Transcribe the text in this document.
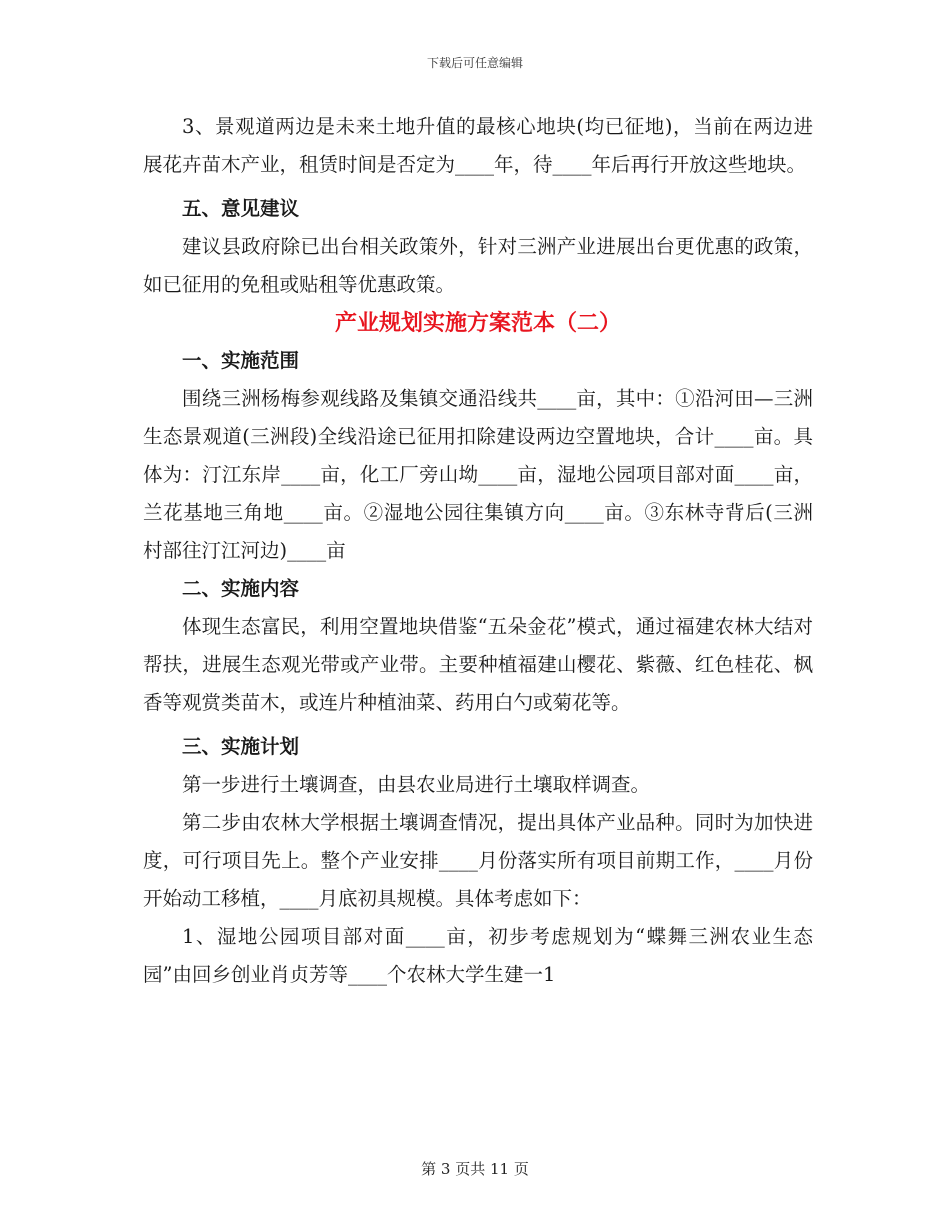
下载后可任意编辑

3、景观道两边是未来土地升值的最核心地块(均已征地)，当前在两边进展花卉苗木产业，租赁时间是否定为____年，待____年后再行开放这些地块。

五、意见建议

建议县政府除已出台相关政策外，针对三洲产业进展出台更优惠的政策，如已征用的免租或贴租等优惠政策。

产业规划实施方案范本（二）
一、实施范围

围绕三洲杨梅参观线路及集镇交通沿线共____亩，其中：①沿河田—三洲生态景观道(三洲段)全线沿途已征用扣除建设两边空置地块，合计____亩。具体为：汀江东岸____亩，化工厂旁山坳____亩，湿地公园项目部对面____亩，兰花基地三角地____亩。②湿地公园往集镇方向____亩。③东林寺背后(三洲村部往汀江河边)____亩

二、实施内容

体现生态富民，利用空置地块借鉴“五朵金花”模式，通过福建农林大结对帮扶，进展生态观光带或产业带。主要种植福建山樱花、紫薇、红色桂花、枫香等观赏类苗木，或连片种植油菜、药用白勺或菊花等。

三、实施计划

第一步进行土壤调查，由县农业局进行土壤取样调查。

第二步由农林大学根据土壤调查情况，提出具体产业品种。同时为加快进度，可行项目先上。整个产业安排____月份落实所有项目前期工作，____月份开始动工移植，____月底初具规模。具体考虑如下：

1、湿地公园项目部对面____亩，初步考虑规划为“蝶舞三洲农业生态园”由回乡创业肖贞芳等____个农林大学生建一1

第 3 页共 11 页
